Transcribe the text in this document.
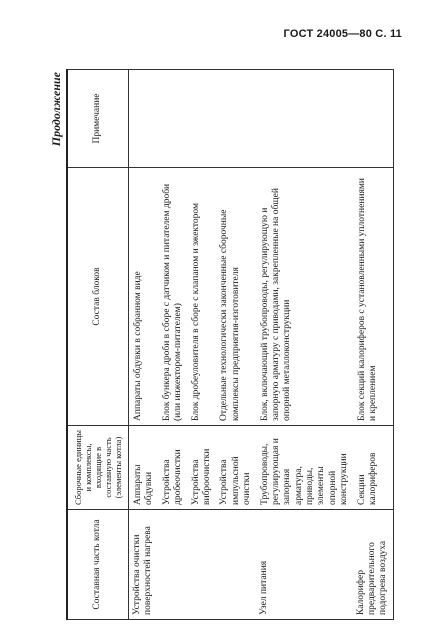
ГОСТ 24005—80 С. 11
Продолжение
Составная часть котла	Сборочные единицы и комплексы, входящие в составную часть (элементы котла)	Состав блоков	Примечание
Устройства очистки поверхностей нагрева	Аппараты обдувки	Аппараты обдувки в собранном виде	
	Устройства дробеочистки	Блок бункера дроби в сборе с датчиком и питателем дроби (или инжектором-питателем)	
	Устройства виброочистки	Блок дробеуловителя в сборе с клапаном и эжектором	
	Устройства импульсной очистки	Отдельные технологически законченные сборочные комплексы предприятия-изготовителя	
Узел питания	Трубопроводы, регулирующая и запорная арматура, приводы, элементы опорной конструкции	Блок, включающий трубопроводы, регулирующую и запорную арматуру с приводами, закрепленные на общей опорной металлоконструкции	
Калорифер предварительного подогрева воздуха	Секции калориферов	Блок секций калориферов с установленными уплотнениями и креплением	
